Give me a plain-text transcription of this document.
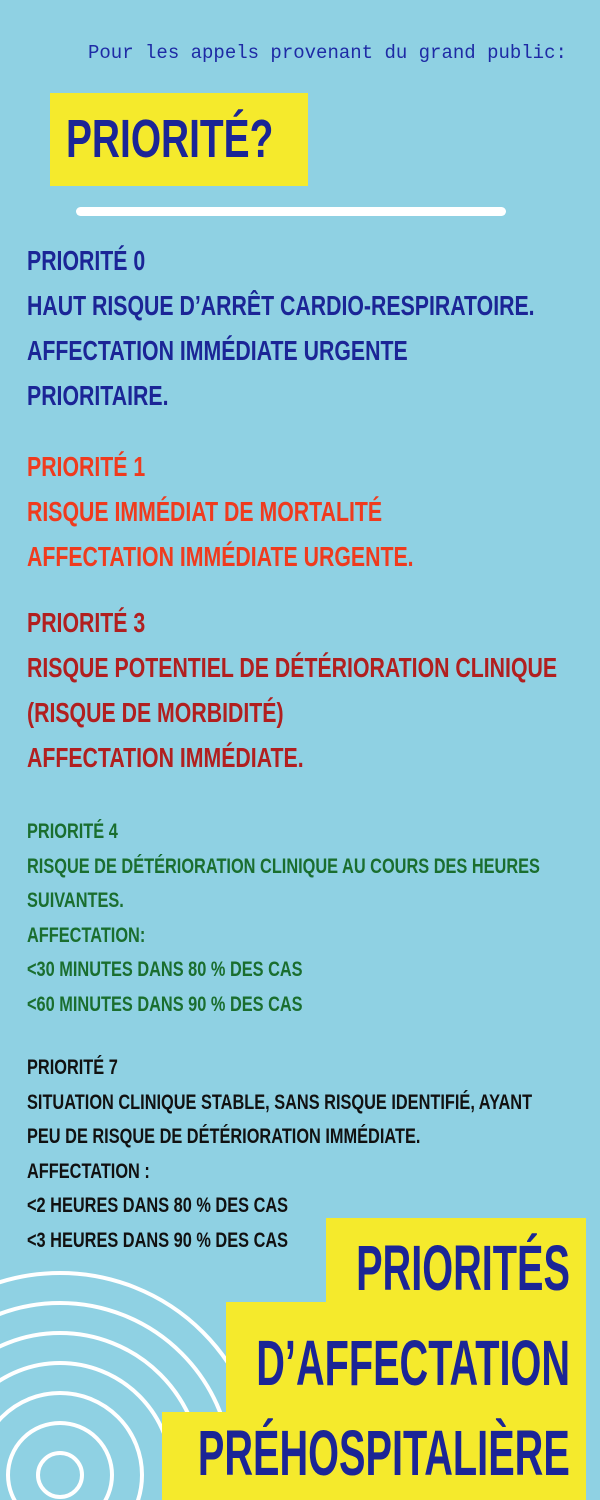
Pour les appels provenant du grand public:
PRIORITÉ?
PRIORITÉ 0
HAUT RISQUE D’ARRÊT CARDIO-RESPIRATOIRE.
AFFECTATION IMMÉDIATE URGENTE
PRIORITAIRE.
PRIORITÉ 1
RISQUE IMMÉDIAT DE MORTALITÉ
AFFECTATION IMMÉDIATE URGENTE.
PRIORITÉ 3
RISQUE POTENTIEL DE DÉTÉRIORATION CLINIQUE
(RISQUE DE MORBIDITÉ)
AFFECTATION IMMÉDIATE.
PRIORITÉ 4
RISQUE DE DÉTÉRIORATION CLINIQUE AU COURS DES HEURES
SUIVANTES.
AFFECTATION:
<30 MINUTES DANS 80 % DES CAS
<60 MINUTES DANS 90 % DES CAS
PRIORITÉ 7
SITUATION CLINIQUE STABLE, SANS RISQUE IDENTIFIÉ, AYANT
PEU DE RISQUE DE DÉTÉRIORATION IMMÉDIATE.
AFFECTATION :
<2 HEURES DANS 80 % DES CAS
<3 HEURES DANS 90 % DES CAS	PRIORITÉS
D’AFFECTATION
PRÉHOSPITALIÈRE
